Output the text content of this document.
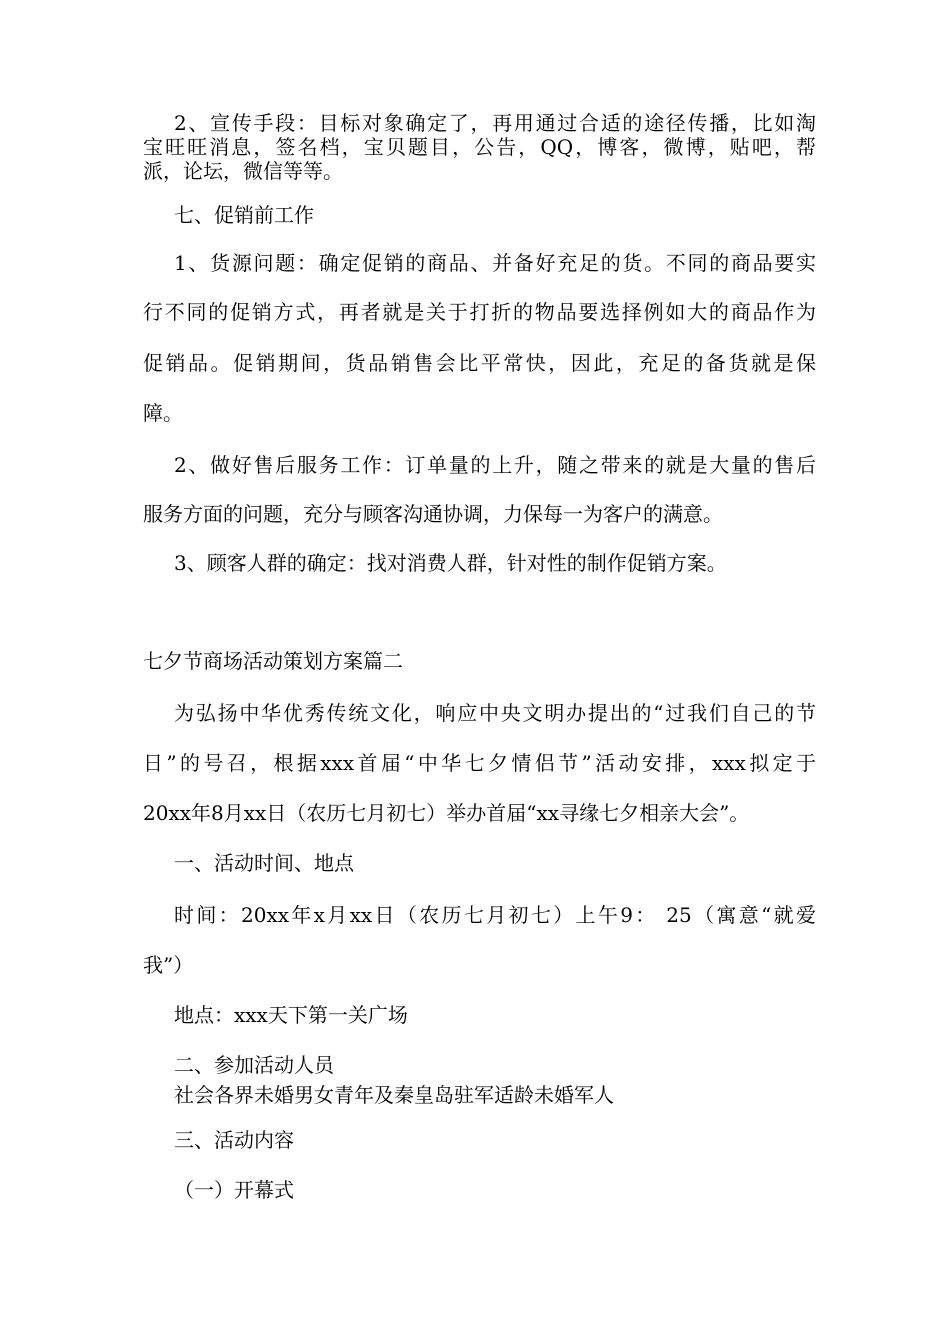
2、宣传手段：目标对象确定了，再用通过合适的途径传播，比如淘

宝旺旺消息，签名档，宝贝题目，公告，QQ，博客，微博，贴吧，帮

派，论坛，微信等等。

七、促销前工作

1、货源问题：确定促销的商品、并备好充足的货。不同的商品要实

行不同的促销方式，再者就是关于打折的物品要选择例如大的商品作为

促销品。促销期间，货品销售会比平常快，因此，充足的备货就是保

障。

2、做好售后服务工作：订单量的上升，随之带来的就是大量的售后

服务方面的问题，充分与顾客沟通协调，力保每一为客户的满意。

3、顾客人群的确定：找对消费人群，针对性的制作促销方案。

七夕节商场活动策划方案篇二

为弘扬中华优秀传统文化，响应中央文明办提出的“过我们自己的节

日”的号召，根据xxx首届“中华七夕情侣节”活动安排，xxx拟定于

20xx年8月xx日（农历七月初七）举办首届“xx寻缘七夕相亲大会”。

一、活动时间、地点

时间：20xx年x月xx日（农历七月初七）上午9： 25（寓意“就爱

我”）

地点：xxx天下第一关广场

二、参加活动人员

社会各界未婚男女青年及秦皇岛驻军适龄未婚军人

三、活动内容

（一）开幕式
